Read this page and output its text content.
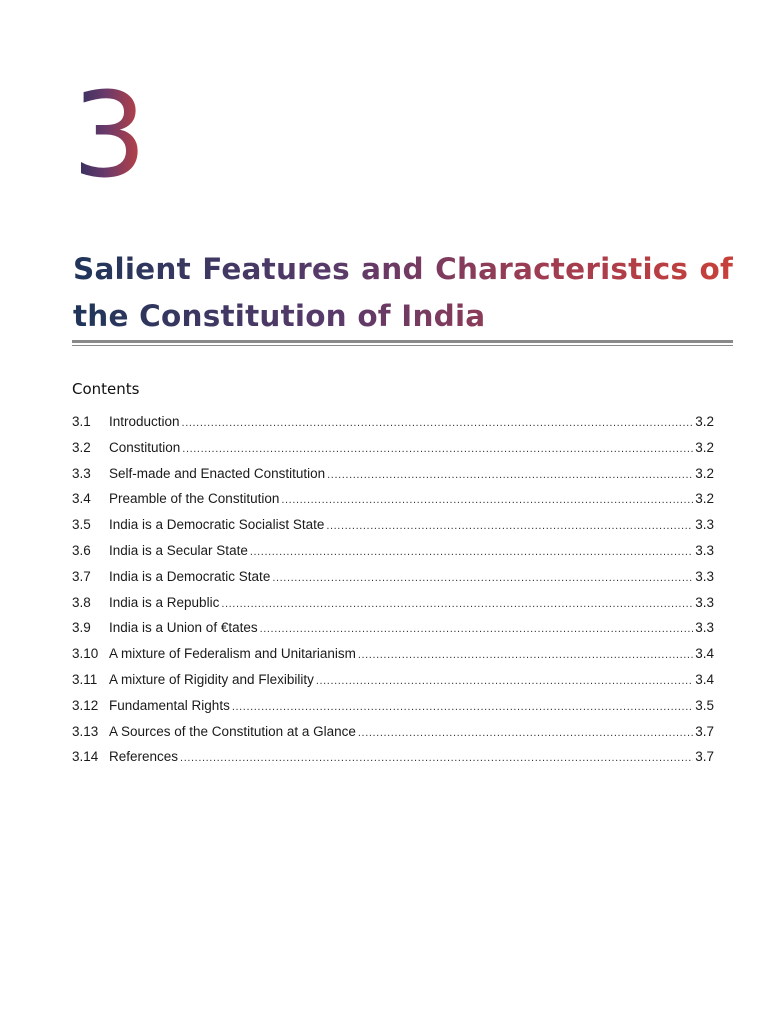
3
Salient Features and Characteristics of the Constitution of India
Contents
3.1	Introduction .....	3.2
3.2	Constitution .....	3.2
3.3	Self-made and Enacted Constitution .....	3.2
3.4	Preamble of the Constitution .....	3.2
3.5	India is a Democratic Socialist State .....	3.3
3.6	India is a Secular State .....	3.3
3.7	India is a Democratic State .....	3.3
3.8	India is a Republic .....	3.3
3.9	India is a Union of €tates .....	3.3
3.10 A mixture of Federalism and Unitarianism .....	3.4
3.11 A mixture of Rigidity and Flexibility .....	3.4
3.12 Fundamental Rights .....	3.5
3.13 A Sources of the Constitution at a Glance .....	3.7
3.14 References .....	3.7
